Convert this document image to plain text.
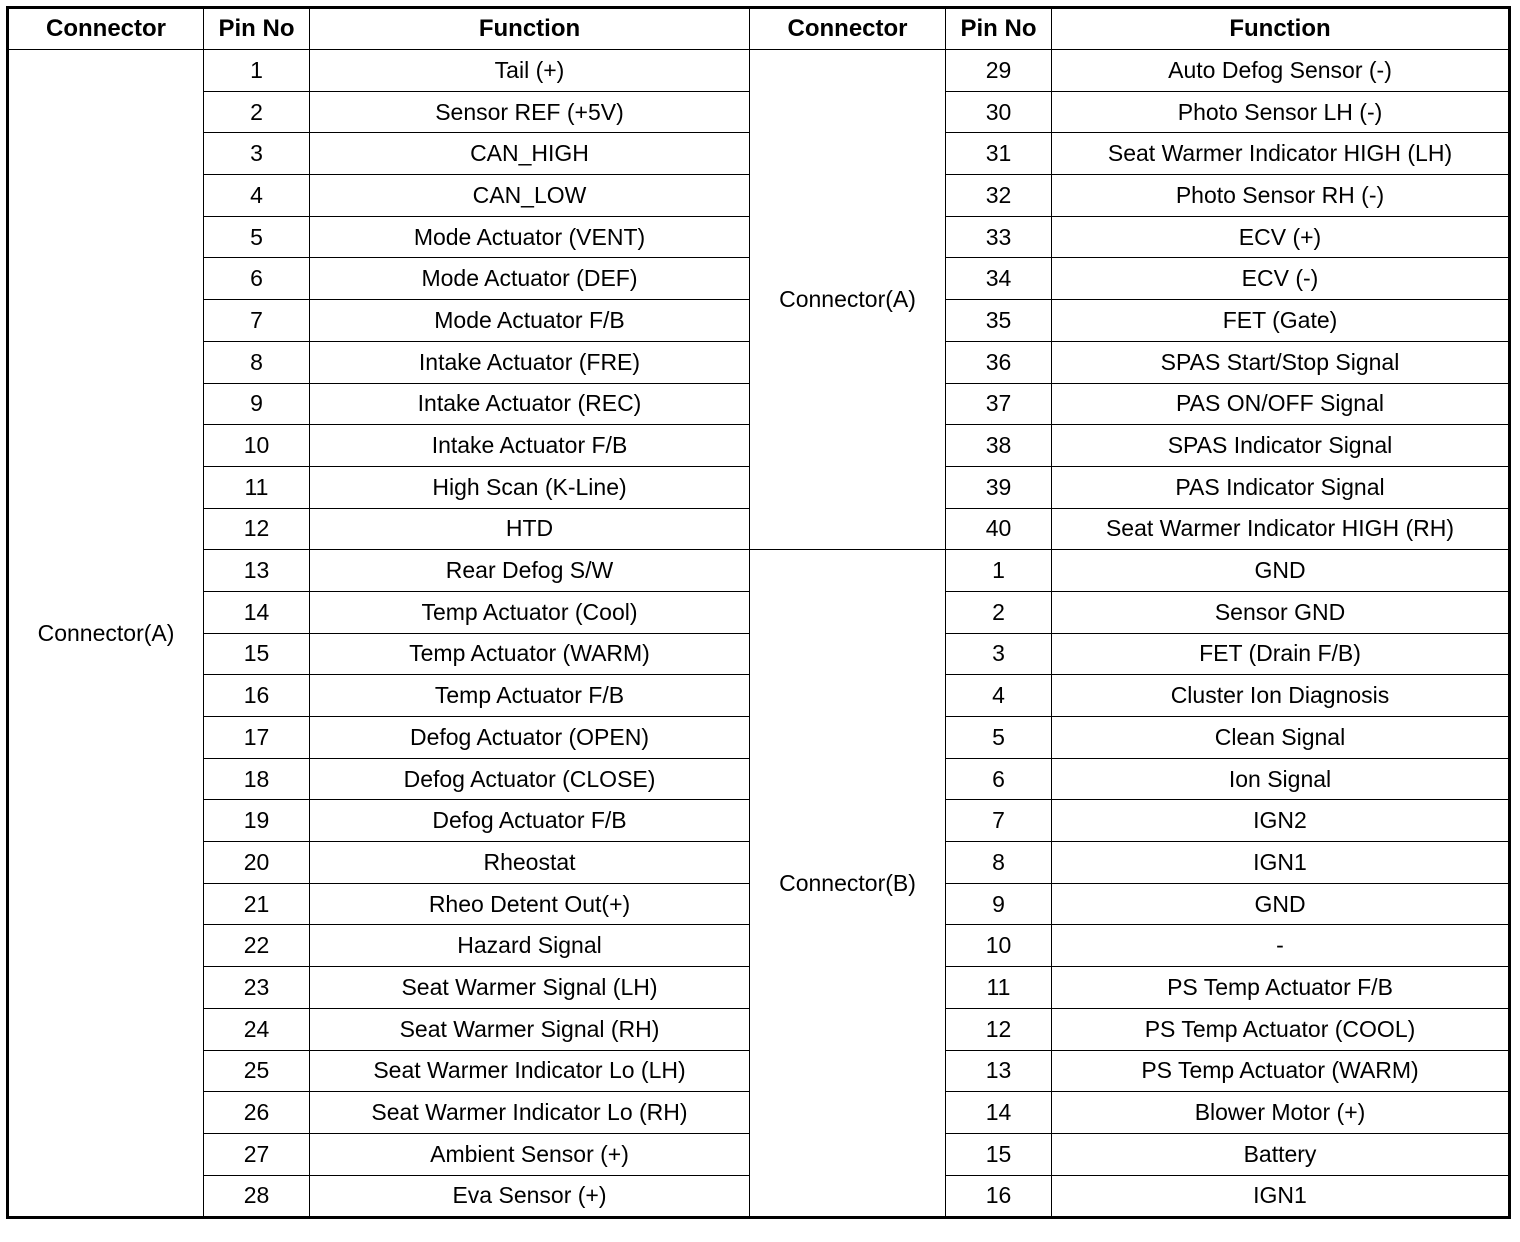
Connector	Pin No	Function	Connector	Pin No	Function
Connector(A)	1	Tail (+)	Connector(A)	29	Auto Defog Sensor (-)
	2	Sensor REF (+5V)		30	Photo Sensor LH (-)
	3	CAN_HIGH		31	Seat Warmer Indicator HIGH (LH)
	4	CAN_LOW		32	Photo Sensor RH (-)
	5	Mode Actuator (VENT)		33	ECV (+)
	6	Mode Actuator (DEF)		34	ECV (-)
	7	Mode Actuator F/B		35	FET (Gate)
	8	Intake Actuator (FRE)		36	SPAS Start/Stop Signal
	9	Intake Actuator (REC)		37	PAS ON/OFF Signal
	10	Intake Actuator F/B		38	SPAS Indicator Signal
	11	High Scan (K-Line)		39	PAS Indicator Signal
	12	HTD		40	Seat Warmer Indicator HIGH (RH)
	13	Rear Defog S/W	Connector(B)	1	GND
	14	Temp Actuator (Cool)		2	Sensor GND
	15	Temp Actuator (WARM)		3	FET (Drain F/B)
	16	Temp Actuator F/B		4	Cluster Ion Diagnosis
	17	Defog Actuator (OPEN)		5	Clean Signal
	18	Defog Actuator (CLOSE)		6	Ion Signal
	19	Defog Actuator F/B		7	IGN2
	20	Rheostat		8	IGN1
	21	Rheo Detent Out(+)		9	GND
	22	Hazard Signal		10	-
	23	Seat Warmer Signal (LH)		11	PS Temp Actuator F/B
	24	Seat Warmer Signal (RH)		12	PS Temp Actuator (COOL)
	25	Seat Warmer Indicator Lo (LH)		13	PS Temp Actuator (WARM)
	26	Seat Warmer Indicator Lo (RH)		14	Blower Motor (+)
	27	Ambient Sensor (+)		15	Battery
	28	Eva Sensor (+)		16	IGN1
